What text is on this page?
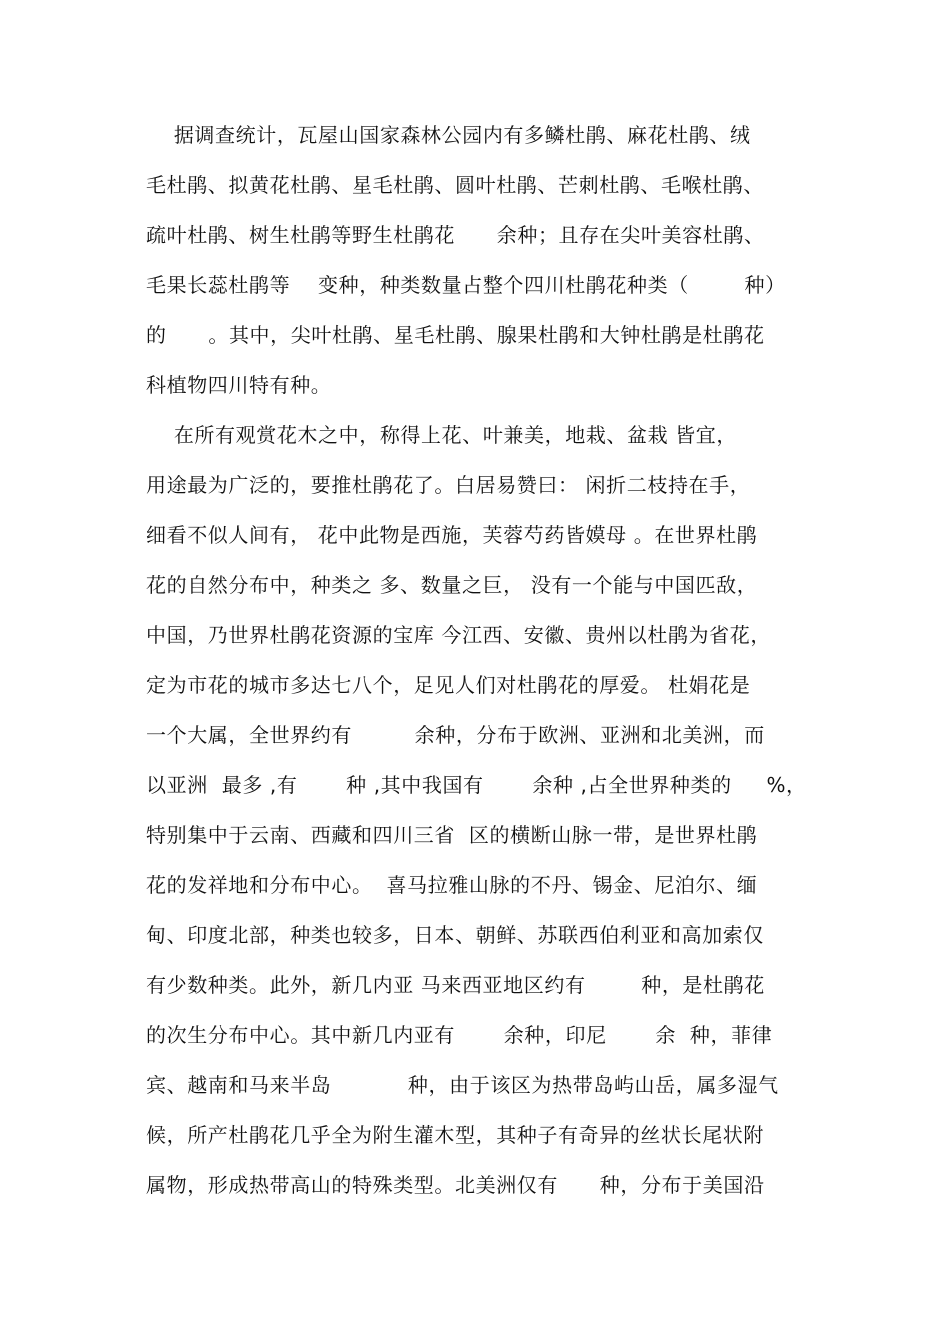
据调查统计，瓦屋山国家森林公园内有多鳞杜鹃、麻花杜鹃、绒
毛杜鹃、拟黄花杜鹃、星毛杜鹃、圆叶杜鹃、芒刺杜鹃、毛喉杜鹃、
疏叶杜鹃、树生杜鹃等野生杜鹃花      余种；且存在尖叶美容杜鹃、
毛果长蕊杜鹃等    变种，种类数量占整个四川杜鹃花种类（        种）
的      。其中，尖叶杜鹃、星毛杜鹃、腺果杜鹃和大钟杜鹃是杜鹃花
科植物四川特有种。
在所有观赏花木之中，称得上花、叶兼美，地栽、盆栽 皆宜，
用途最为广泛的，要推杜鹃花了。白居易赞曰： 闲折二枝持在手，
细看不似人间有， 花中此物是西施，芙蓉芍药皆嫫母 。在世界杜鹃
花的自然分布中，种类之 多、数量之巨， 没有一个能与中国匹敌，
中国，乃世界杜鹃花资源的宝库 今江西、安徽、贵州以杜鹃为省花，
定为市花的城市多达七八个，足见人们对杜鹃花的厚爱。 杜娟花是
一个大属，全世界约有         余种，分布于欧洲、亚洲和北美洲，而
以亚洲  最多 ,有       种 ,其中我国有       余种 ,占全世界种类的     %，
特别集中于云南、西藏和四川三省  区的横断山脉一带，是世界杜鹃
花的发祥地和分布中心。  喜马拉雅山脉的不丹、锡金、尼泊尔、缅
甸、印度北部，种类也较多，日本、朝鲜、苏联西伯利亚和高加索仅
有少数种类。此外，新几内亚 马来西亚地区约有        种，是杜鹃花
的次生分布中心。其中新几内亚有       余种，印尼       余  种，菲律
宾、越南和马来半岛           种，由于该区为热带岛屿山岳，属多湿气
候，所产杜鹃花几乎全为附生灌木型，其种子有奇异的丝状长尾状附
属物，形成热带高山的特殊类型。北美洲仅有      种，分布于美国沿
